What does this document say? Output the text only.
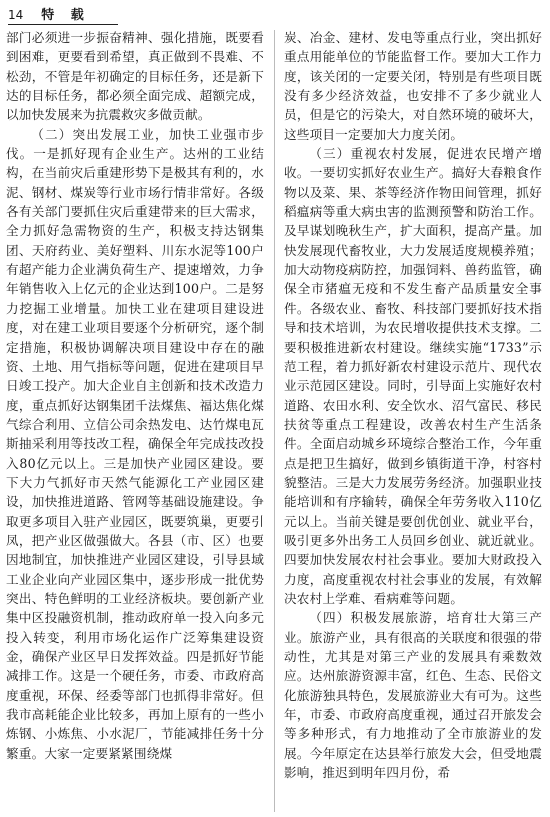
14 特 载

部门必须进一步振奋精神、强化措施，既要看到困难，更要看到希望，真正做到不畏难、不松劲，不管是年初确定的目标任务，还是新下达的目标任务，都必须全面完成、超额完成，以加快发展来为抗震救灾多做贡献。

（二）突出发展工业，加快工业强市步伐。一是抓好现有企业生产。达州的工业结构，在当前灾后重建形势下是极其有利的，水泥、钢材、煤炭等行业市场行情非常好。各级各有关部门要抓住灾后重建带来的巨大需求，全力抓好急需物资的生产，积极支持达钢集团、天府药业、美好塑料、川东水泥等100户有超产能力企业满负荷生产、提速增效，力争年销售收入上亿元的企业达到100户。二是努力挖掘工业增量。加快工业在建项目建设进度，对在建工业项目要逐个分析研究，逐个制定措施，积极协调解决项目建设中存在的融资、土地、用气指标等问题，促进在建项目早日竣工投产。加大企业自主创新和技术改造力度，重点抓好达钢集团千法煤焦、福达焦化煤气综合利用、立信公司余热发电、达竹煤电瓦斯抽采利用等技改工程，确保全年完成技改投入80亿元以上。三是加快产业园区建设。要下大力气抓好市天然气能源化工产业园区建设，加快推进道路、管网等基础设施建设。争取更多项目入驻产业园区，既要筑巢，更要引凤，把产业区做强做大。各县（市、区）也要因地制宜，加快推进产业园区建设，引导县域工业企业向产业园区集中，逐步形成一批优势突出、特色鲜明的工业经济板块。要创新产业集中区投融资机制，推动政府单一投入向多元投入转变，利用市场化运作广泛筹集建设资金，确保产业区早日发挥效益。四是抓好节能减排工作。这是一个硬任务，市委、市政府高度重视，环保、经委等部门也抓得非常好。但我市高耗能企业比较多，再加上原有的一些小炼钢、小炼焦、小水泥厂，节能减排任务十分繁重。大家一定要紧紧围绕煤

炭、冶金、建材、发电等重点行业，突出抓好重点用能单位的节能监督工作。要加大工作力度，该关闭的一定要关闭，特别是有些项目既没有多少经济效益，也安排不了多少就业人员，但是它的污染大，对自然环境的破坏大，这些项目一定要加大力度关闭。

（三）重视农村发展，促进农民增产增收。一要切实抓好农业生产。搞好大春粮食作物以及菜、果、茶等经济作物田间管理，抓好稻瘟病等重大病虫害的监测预警和防治工作。及早谋划晚秋生产，扩大面积，提高产量。加快发展现代畜牧业，大力发展适度规模养殖；加大动物疫病防控，加强饲料、兽药监管，确保全市猪瘟无疫和不发生畜产品质量安全事件。各级农业、畜牧、科技部门要抓好技术指导和技术培训，为农民增收提供技术支撑。二要积极推进新农村建设。继续实施“1733”示范工程，着力抓好新农村建设示范片、现代农业示范园区建设。同时，引导面上实施好农村道路、农田水利、安全饮水、沼气富民、移民扶贫等重点工程建设，改善农村生产生活条件。全面启动城乡环境综合整治工作，今年重点是把卫生搞好，做到乡镇街道干净，村容村貌整洁。三是大力发展劳务经济。加强职业技能培训和有序输转，确保全年劳务收入110亿元以上。当前关键是要创优创业、就业平台，吸引更多外出务工人员回乡创业、就近就业。四要加快发展农村社会事业。要加大财政投入力度，高度重视农村社会事业的发展，有效解决农村上学难、看病难等问题。

（四）积极发展旅游，培育壮大第三产业。旅游产业，具有很高的关联度和很强的带动性，尤其是对第三产业的发展具有乘数效应。达州旅游资源丰富，红色、生态、民俗文化旅游独具特色，发展旅游业大有可为。这些年，市委、市政府高度重视，通过召开旅发会等多种形式，有力地推动了全市旅游业的发展。今年原定在达县举行旅发大会，但受地震影响，推迟到明年四月份，希
